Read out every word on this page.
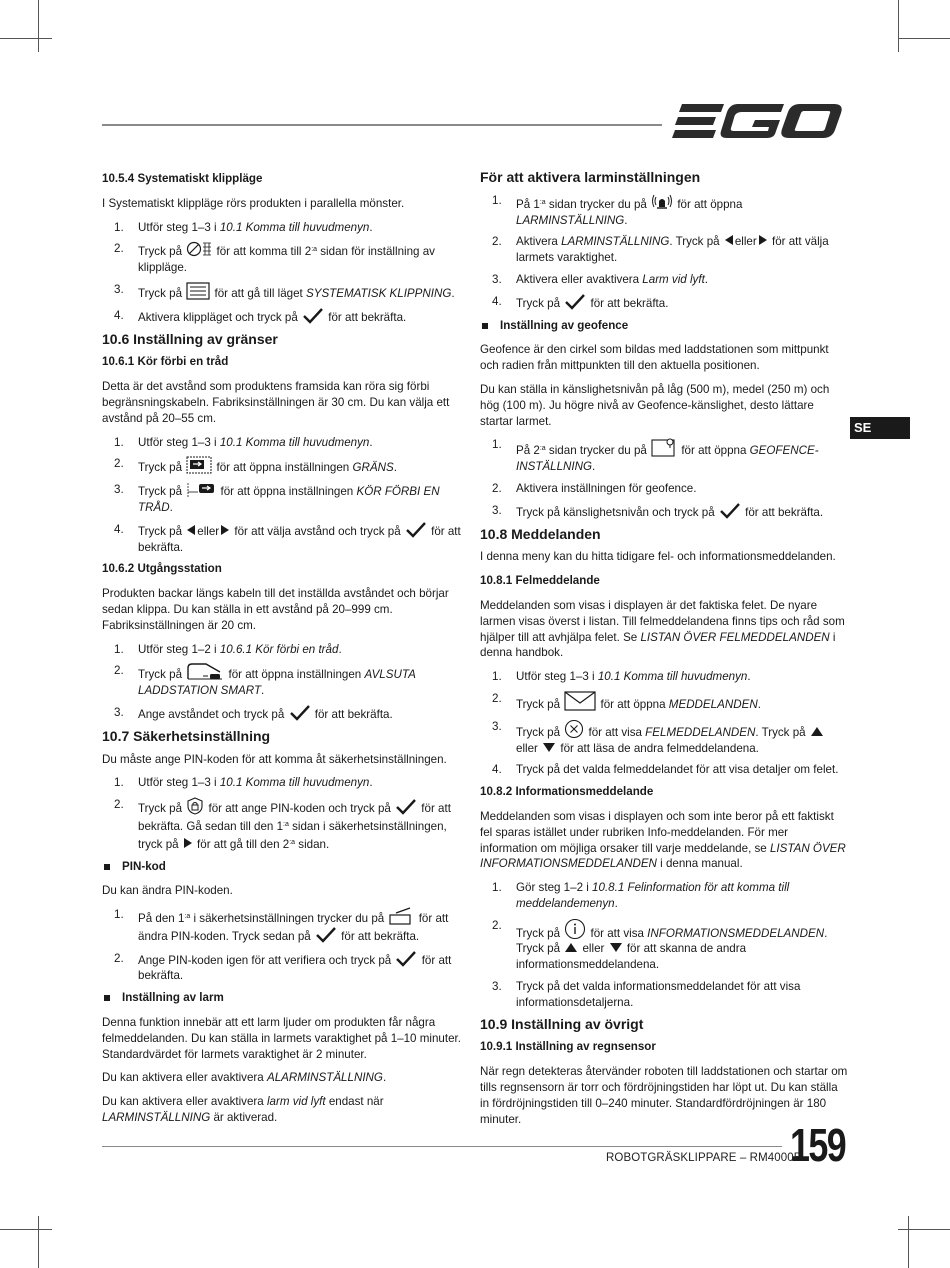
SE
10.5.4 Systematiskt klippläge

I Systematiskt klippläge rörs produkten i parallella mönster.

1. Utför steg 1–3 i 10.1 Komma till huvudmenyn.
2. Tryck på  för att komma till $2^{:a}$ sidan för inställning av klippläge.
3. Tryck på  för att gå till läget SYSTEMATISK KLIPPNING.
4. Aktivera klippläget och tryck på  för att bekräfta.
10.6 Inställning av gränser
10.6.1 Kör förbi en tråd

Detta är det avstånd som produktens framsida kan röra sig förbi begränsningskabeln. Fabriksinställningen är 30 cm. Du kan välja ett avstånd på 20–55 cm.

1. Utför steg 1–3 i 10.1 Komma till huvudmenyn.
2. Tryck på  för att öppna inställningen GRÄNS.
3. Tryck på	för att öppna inställningen KÖR FÖRBI EN TRÅD.
4. Tryck på eller för att välja avstånd och tryck på  för att bekräfta.
10.6.2 Utgångsstation

Produkten backar längs kabeln till det inställda avståndet och börjar sedan klippa. Du kan ställa in ett avstånd på 20–999 cm. Fabriksinställningen är 20 cm.

1. Utför steg 1–2 i 10.6.1 Kör förbi en tråd.
2. Tryck på	för att öppna inställningen AVLSUTA LADDSTATION SMART.
3. Ange avståndet och tryck på  för att bekräfta.
10.7 Säkerhetsinställning

Du måste ange PIN-koden för att komma åt säkerhetsinställningen.

1. Utför steg 1–3 i 10.1 Komma till huvudmenyn.
2. Tryck på  för att ange PIN-koden och tryck på  för att bekräfta. Gå sedan till den $1^{:a}$ sidan i säkerhetsinställningen, tryck på  för att gå till den $2^{:a}$ sidan.
PIN-kod

Du kan ändra PIN-koden.

1. På den $1^{:a}$ i säkerhetsinställningen trycker du på  för att ändra PIN-koden. Tryck sedan på  för att bekräfta.
2. Ange PIN-koden igen för att verifiera och tryck på  för att bekräfta.
Inställning av larm

Denna funktion innebär att ett larm ljuder om produkten får några felmeddelanden. Du kan ställa in larmets varaktighet på 1–10 minuter. Standardvärdet för larmets varaktighet är 2 minuter.

Du kan aktivera eller avaktivera ALARMINSTÄLLNING.

Du kan aktivera eller avaktivera larm vid lyft endast när LARMINSTÄLLNING är aktiverad.

För att aktivera larminställningen
1. På $1^{:a}$ sidan trycker du på  för att öppna LARMINSTÄLLNING.
2. Aktivera LARMINSTÄLLNING. Tryck på eller för att välja larmets varaktighet.
3. Aktivera eller avaktivera Larm vid lyft.
4. Tryck på  för att bekräfta.
Inställning av geofence

Geofence är den cirkel som bildas med laddstationen som mittpunkt och radien från mittpunkten till den aktuella positionen.

Du kan ställa in känslighetsnivån på låg (500 m), medel (250 m) och hög (100 m). Ju högre nivå av Geofence-känslighet, desto lättare startar larmet.

1. På $2^{:a}$ sidan trycker du på  för att öppna GEOFENCE-INSTÄLLNING.
2. Aktivera inställningen för geofence.
3. Tryck på känslighetsnivån och tryck på  för att bekräfta.
10.8 Meddelanden

I denna meny kan du hitta tidigare fel- och informationsmeddelanden.

10.8.1 Felmeddelande

Meddelanden som visas i displayen är det faktiska felet. De nyare larmen visas överst i listan. Till felmeddelandena finns tips och råd som hjälper till att avhjälpa felet. Se LISTAN ÖVER FELMEDDELANDEN i denna handbok.

1. Utför steg 1–3 i 10.1 Komma till huvudmenyn.
2. Tryck på	för att öppna MEDDELANDEN.
3. Tryck på  för att visa FELMEDDELANDEN. Tryck på  eller  för att läsa de andra felmeddelandena.
4. Tryck på det valda felmeddelandet för att visa detaljer om felet.
10.8.2 Informationsmeddelande

Meddelanden som visas i displayen och som inte beror på ett faktiskt fel sparas istället under rubriken Info-meddelanden. För mer information om möjliga orsaker till varje meddelande, se LISTAN ÖVER INFORMATIONSMEDDELANDEN i denna manual.

1. Gör steg 1–2 i 10.8.1 Felinformation för att komma till meddelandemenyn.
2.
Tryck på  för att visa INFORMATIONSMEDDELANDEN. Tryck på  eller  för att skanna de andra informationsmeddelandena.
3. Tryck på det valda informationsmeddelandet för att visa informationsdetaljerna.
10.9 Inställning av övrigt
10.9.1 Inställning av regnsensor

När regn detekteras återvänder roboten till laddstationen och startar om tills regnsensorn är torr och fördröjningstiden har löpt ut. Du kan ställa in fördröjningstiden till 0–240 minuter. Standardfördröjningen är 180 minuter.

ROBOTGRÄSKLIPPARE – RM4000E
159
